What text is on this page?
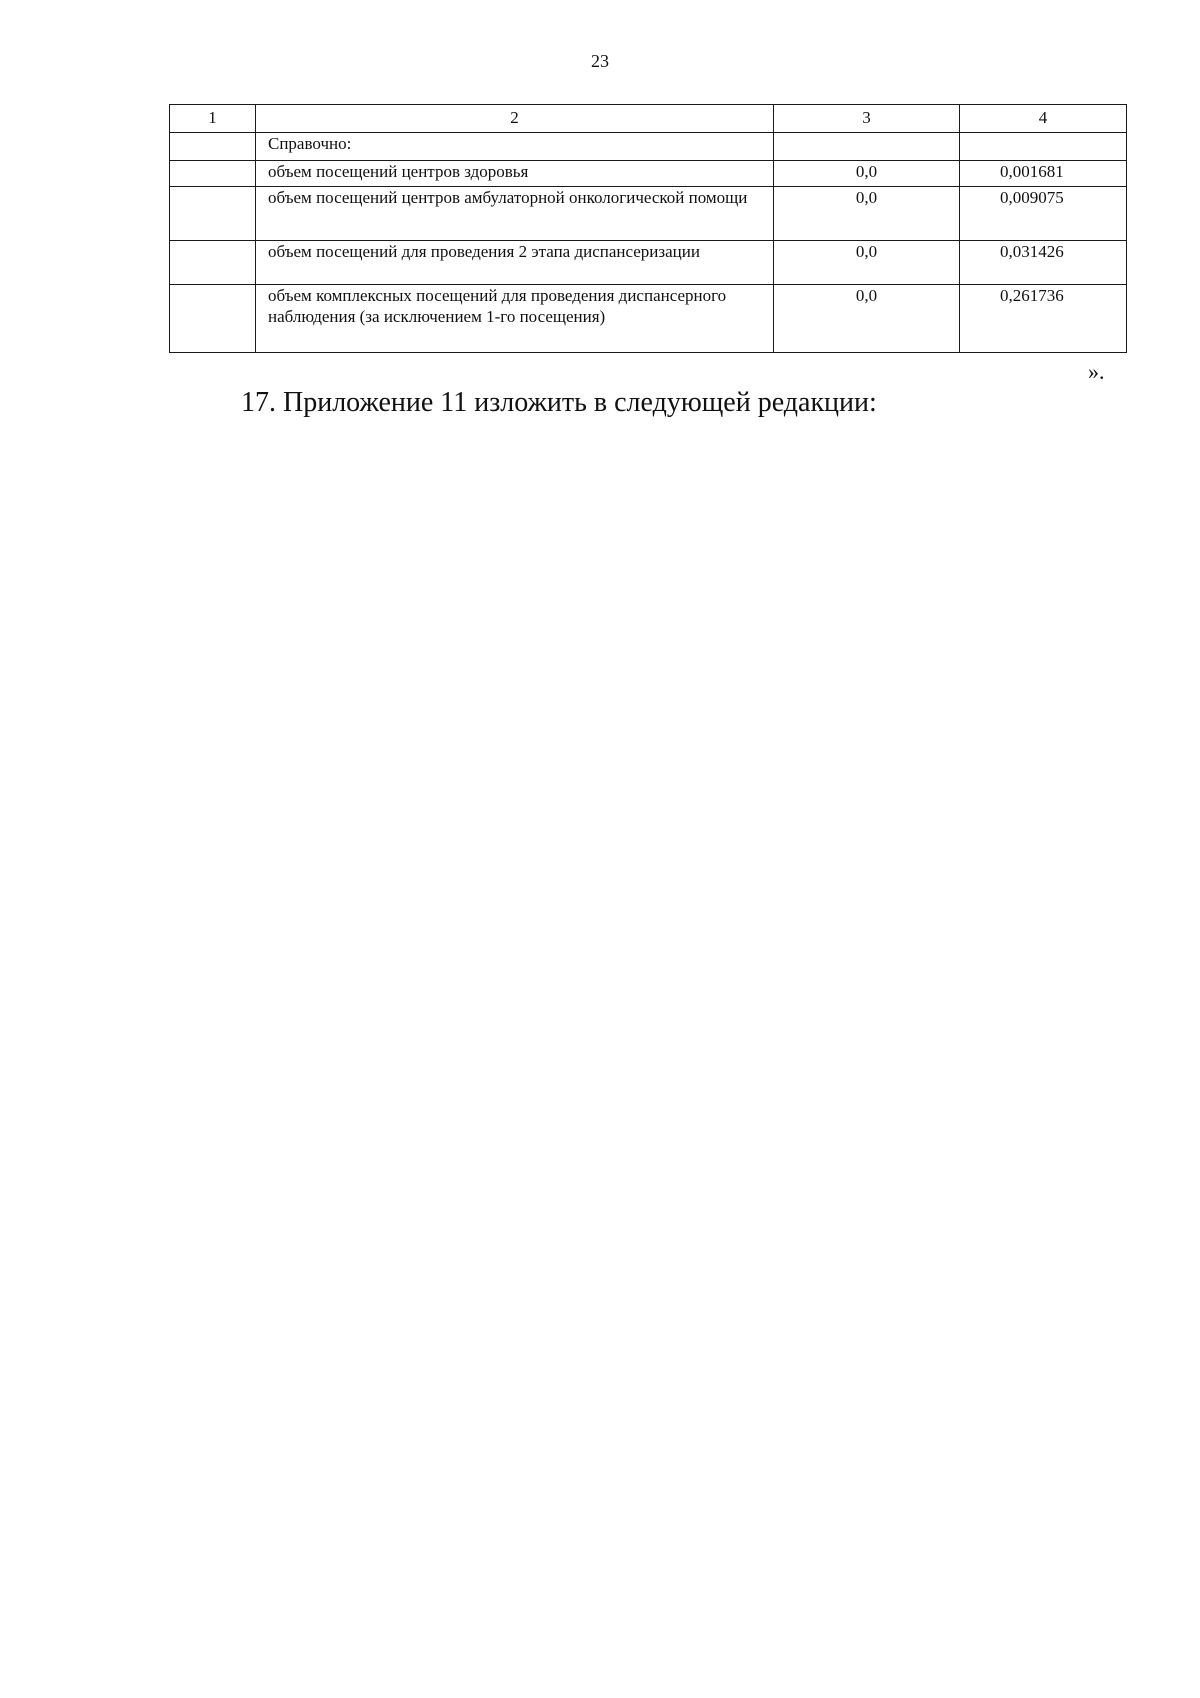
23
1	2	3	4
	Справочно:		
	объем посещений центров здоровья	0,0	0,001681
	объем посещений центров амбулаторной онкологической помощи	0,0	0,009075
	объем посещений для проведения 2 этапа диспансеризации	0,0	0,031426
	объем комплексных посещений для проведения диспансерного наблюдения (за исключением 1-го посещения)	0,0	0,261736
».
17. Приложение 11 изложить в следующей редакции:
